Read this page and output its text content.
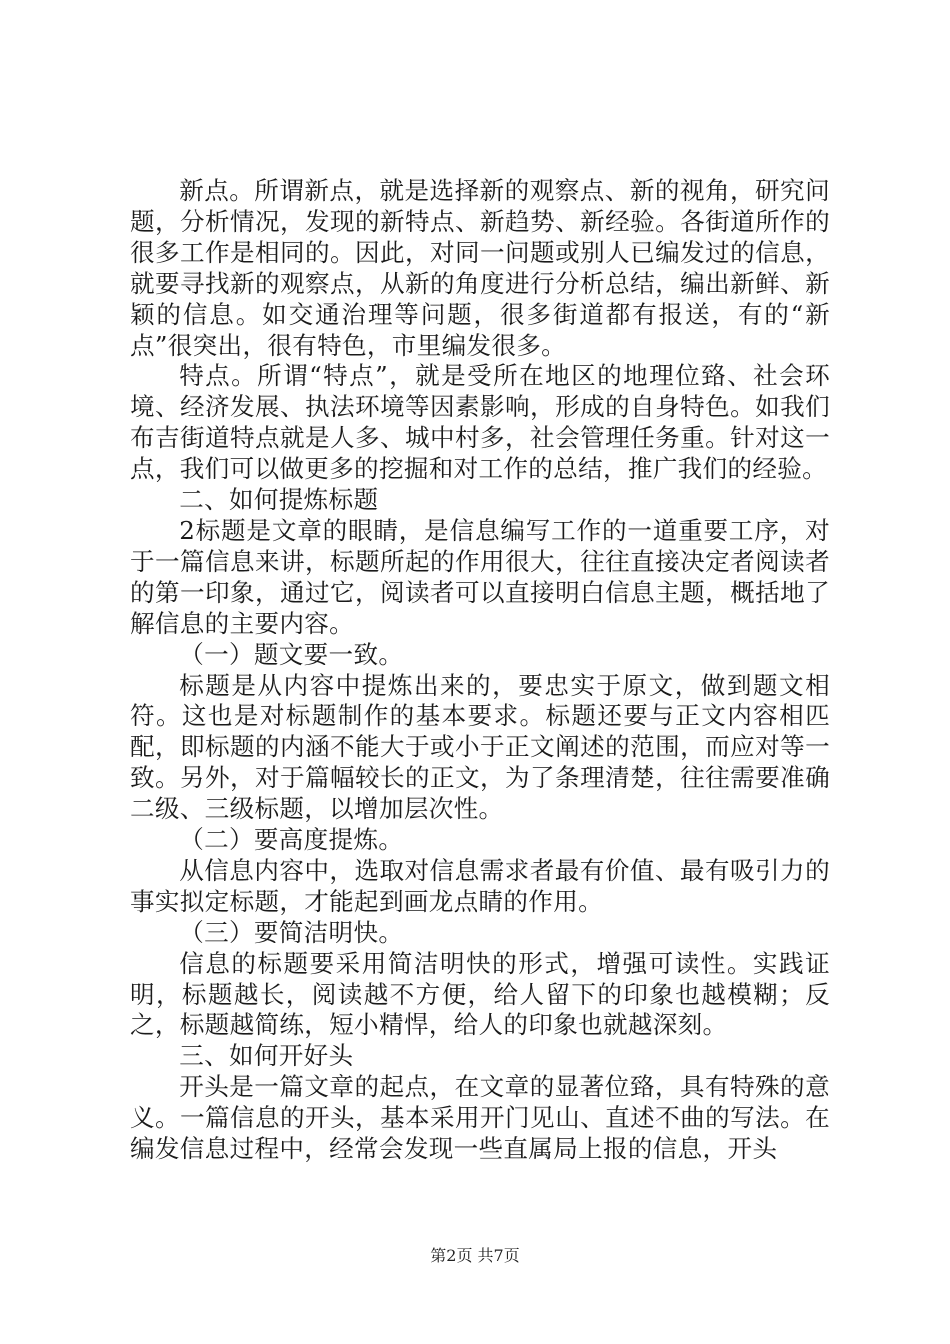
新点。所谓新点，就是选择新的观察点、新的视角，研究问题，分析情况，发现的新特点、新趋势、新经验。各街道所作的很多工作是相同的。因此，对同一问题或别人已编发过的信息，就要寻找新的观察点，从新的角度进行分析总结，编出新鲜、新颖的信息。如交通治理等问题，很多街道都有报送，有的“新点”很突出，很有特色，市里编发很多。

特点。所谓“特点”，就是受所在地区的地理位臵、社会环境、经济发展、执法环境等因素影响，形成的自身特色。如我们布吉街道特点就是人多、城中村多，社会管理任务重。针对这一点，我们可以做更多的挖掘和对工作的总结，推广我们的经验。

二、如何提炼标题

2标题是文章的眼睛，是信息编写工作的一道重要工序，对于一篇信息来讲，标题所起的作用很大，往往直接决定者阅读者的第一印象，通过它，阅读者可以直接明白信息主题，概括地了解信息的主要内容。

（一）题文要一致。

标题是从内容中提炼出来的，要忠实于原文，做到题文相符。这也是对标题制作的基本要求。标题还要与正文内容相匹配，即标题的内涵不能大于或小于正文阐述的范围，而应对等一致。另外，对于篇幅较长的正文，为了条理清楚，往往需要准确二级、三级标题，以增加层次性。

（二）要高度提炼。

从信息内容中，选取对信息需求者最有价值、最有吸引力的事实拟定标题，才能起到画龙点睛的作用。

（三）要简洁明快。

信息的标题要采用简洁明快的形式，增强可读性。实践证明，标题越长，阅读越不方便，给人留下的印象也越模糊；反之，标题越简练，短小精悍，给人的印象也就越深刻。

三、如何开好头

开头是一篇文章的起点，在文章的显著位臵，具有特殊的意义。一篇信息的开头，基本采用开门见山、直述不曲的写法。在编发信息过程中，经常会发现一些直属局上报的信息，开头

第2页 共7页
